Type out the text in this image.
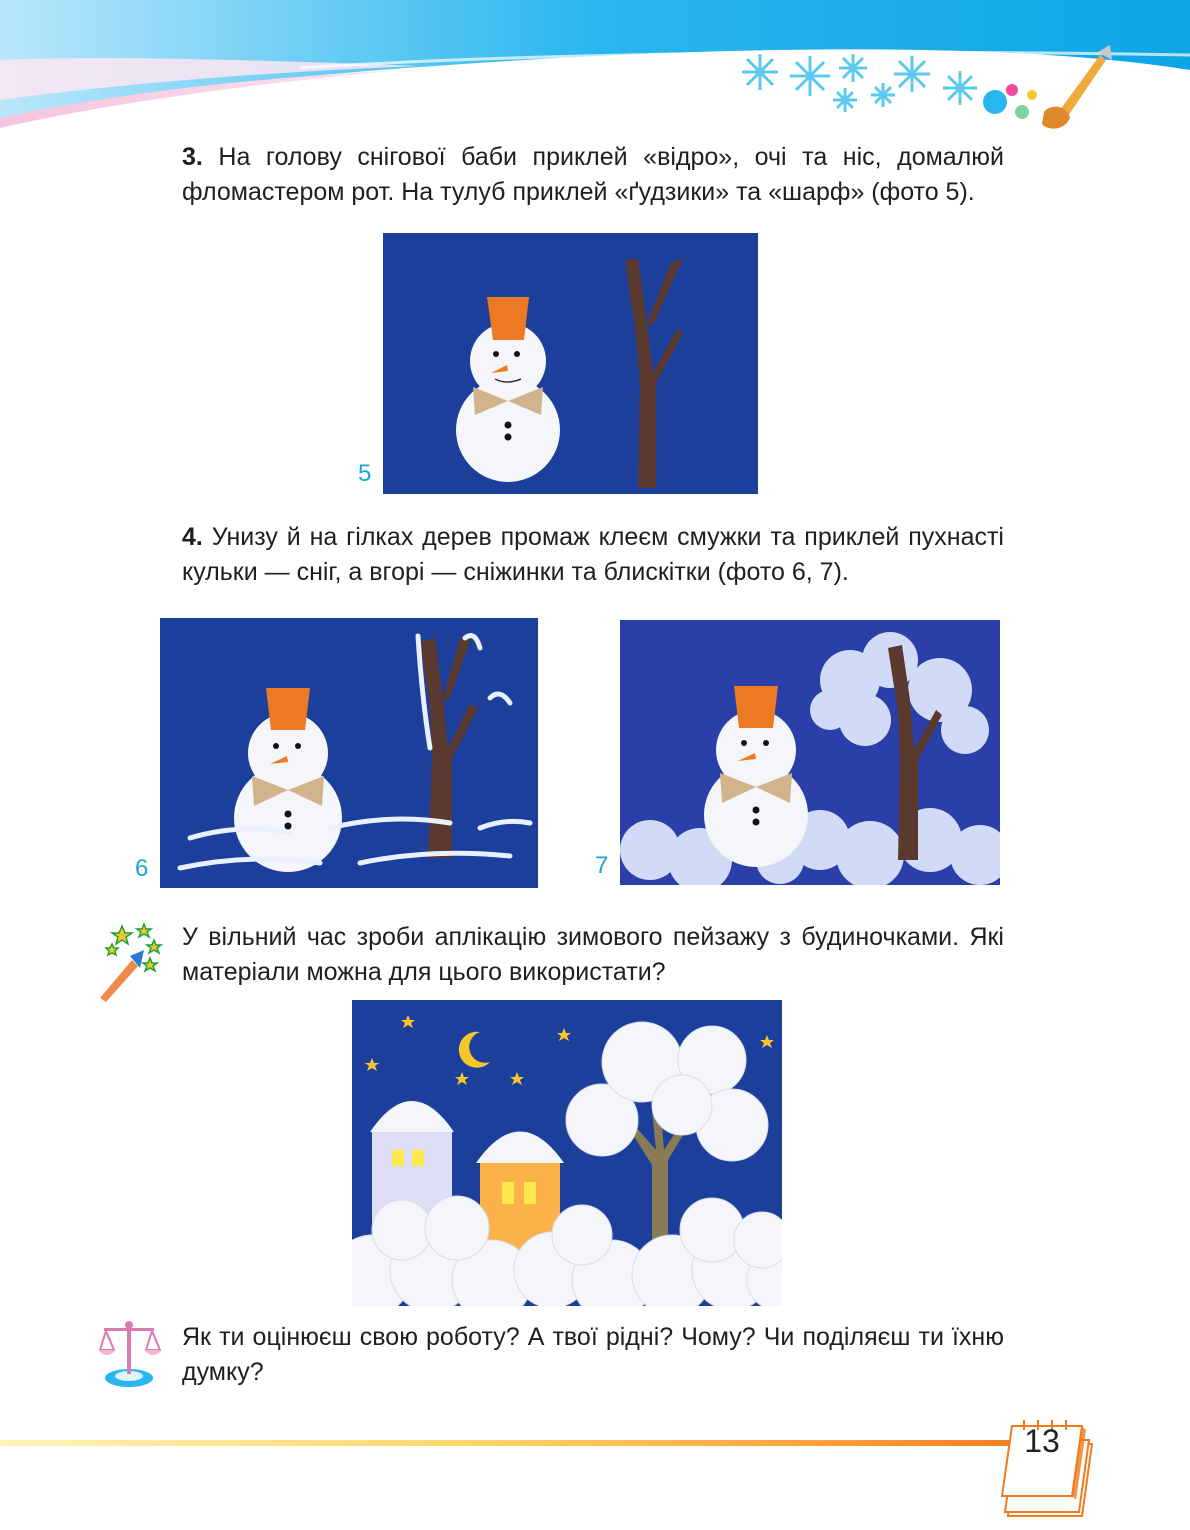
3. На голову снігової баби приклей «відро», очі та ніс, домалюй фломастером рот. На тулуб приклей «ґудзики» та «шарф» (фото 5).

5

4. Унизу й на гілках дерев промаж клеєм смужки та приклей пухнасті кульки — сніг, а вгорі — сніжинки та блискітки (фото 6, 7).

6	7

У вільний час зроби аплікацію зимового пейзажу з будиночками. Які матеріали можна для цього використати?

Як ти оцінюєш свою роботу? А твої рідні? Чому? Чи поділяєш ти їхню думку?

13
